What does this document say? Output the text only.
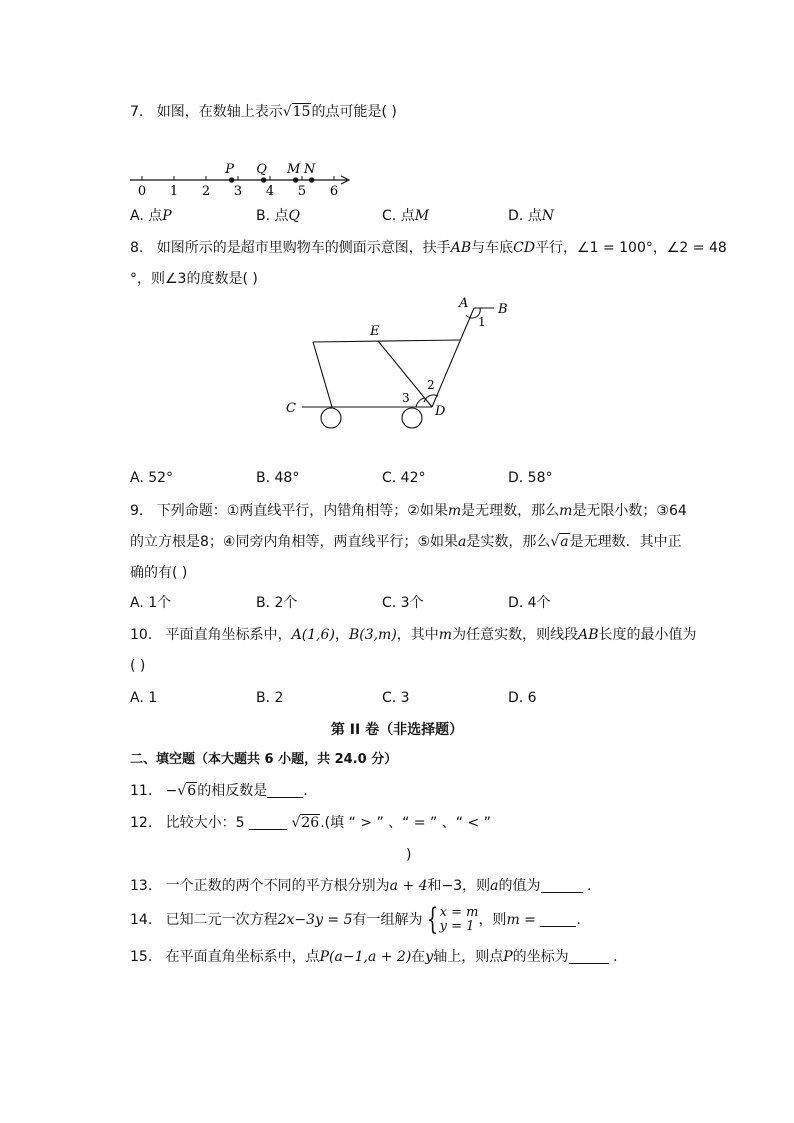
7. 如图，在数轴上表示√15的点可能是( )
0 1 2 3 4 5 6
P Q M N
A. 点P	B. 点Q	C. 点M	D. 点N
8. 如图所示的是超市里购物车的侧面示意图，扶手AB与车底CD平行，∠1 = 100°，∠2 = 48
°，则∠3的度数是( )
A B
C	D
E
1
2
3
A. 52°	B. 48°	C. 42°	D. 58°
9. 下列命题：①两直线平行，内错角相等；②如果m是无理数，那么m是无限小数；③64
的立方根是8；④同旁内角相等，两直线平行；⑤如果a是实数，那么√a是无理数．其中正
确的有( )
A. 1个	B. 2个	C. 3个	D. 4个
10. 平面直角坐标系中，A(1,6)，B(3,m)，其中m为任意实数，则线段AB长度的最小值为
( )
A. 1	B. 2	C. 3	D. 6
第 II 卷（非选择题）
二、填空题（本大题共 6 小题，共 24.0 分）
11. −√6的相反数是	.
12. 比较大小：5	√26.(填 “ > ” 、“ = ” 、“ < ”
)
13. 一个正数的两个不同的平方根分别为a + 4和−3，则a的值为	.
14. 已知二元一次方程2x−3y = 5有一组解为 { x = m
y = 1 ，则m =	.
15. 在平面直角坐标系中，点P(a−1,a + 2)在y轴上，则点P的坐标为	.
